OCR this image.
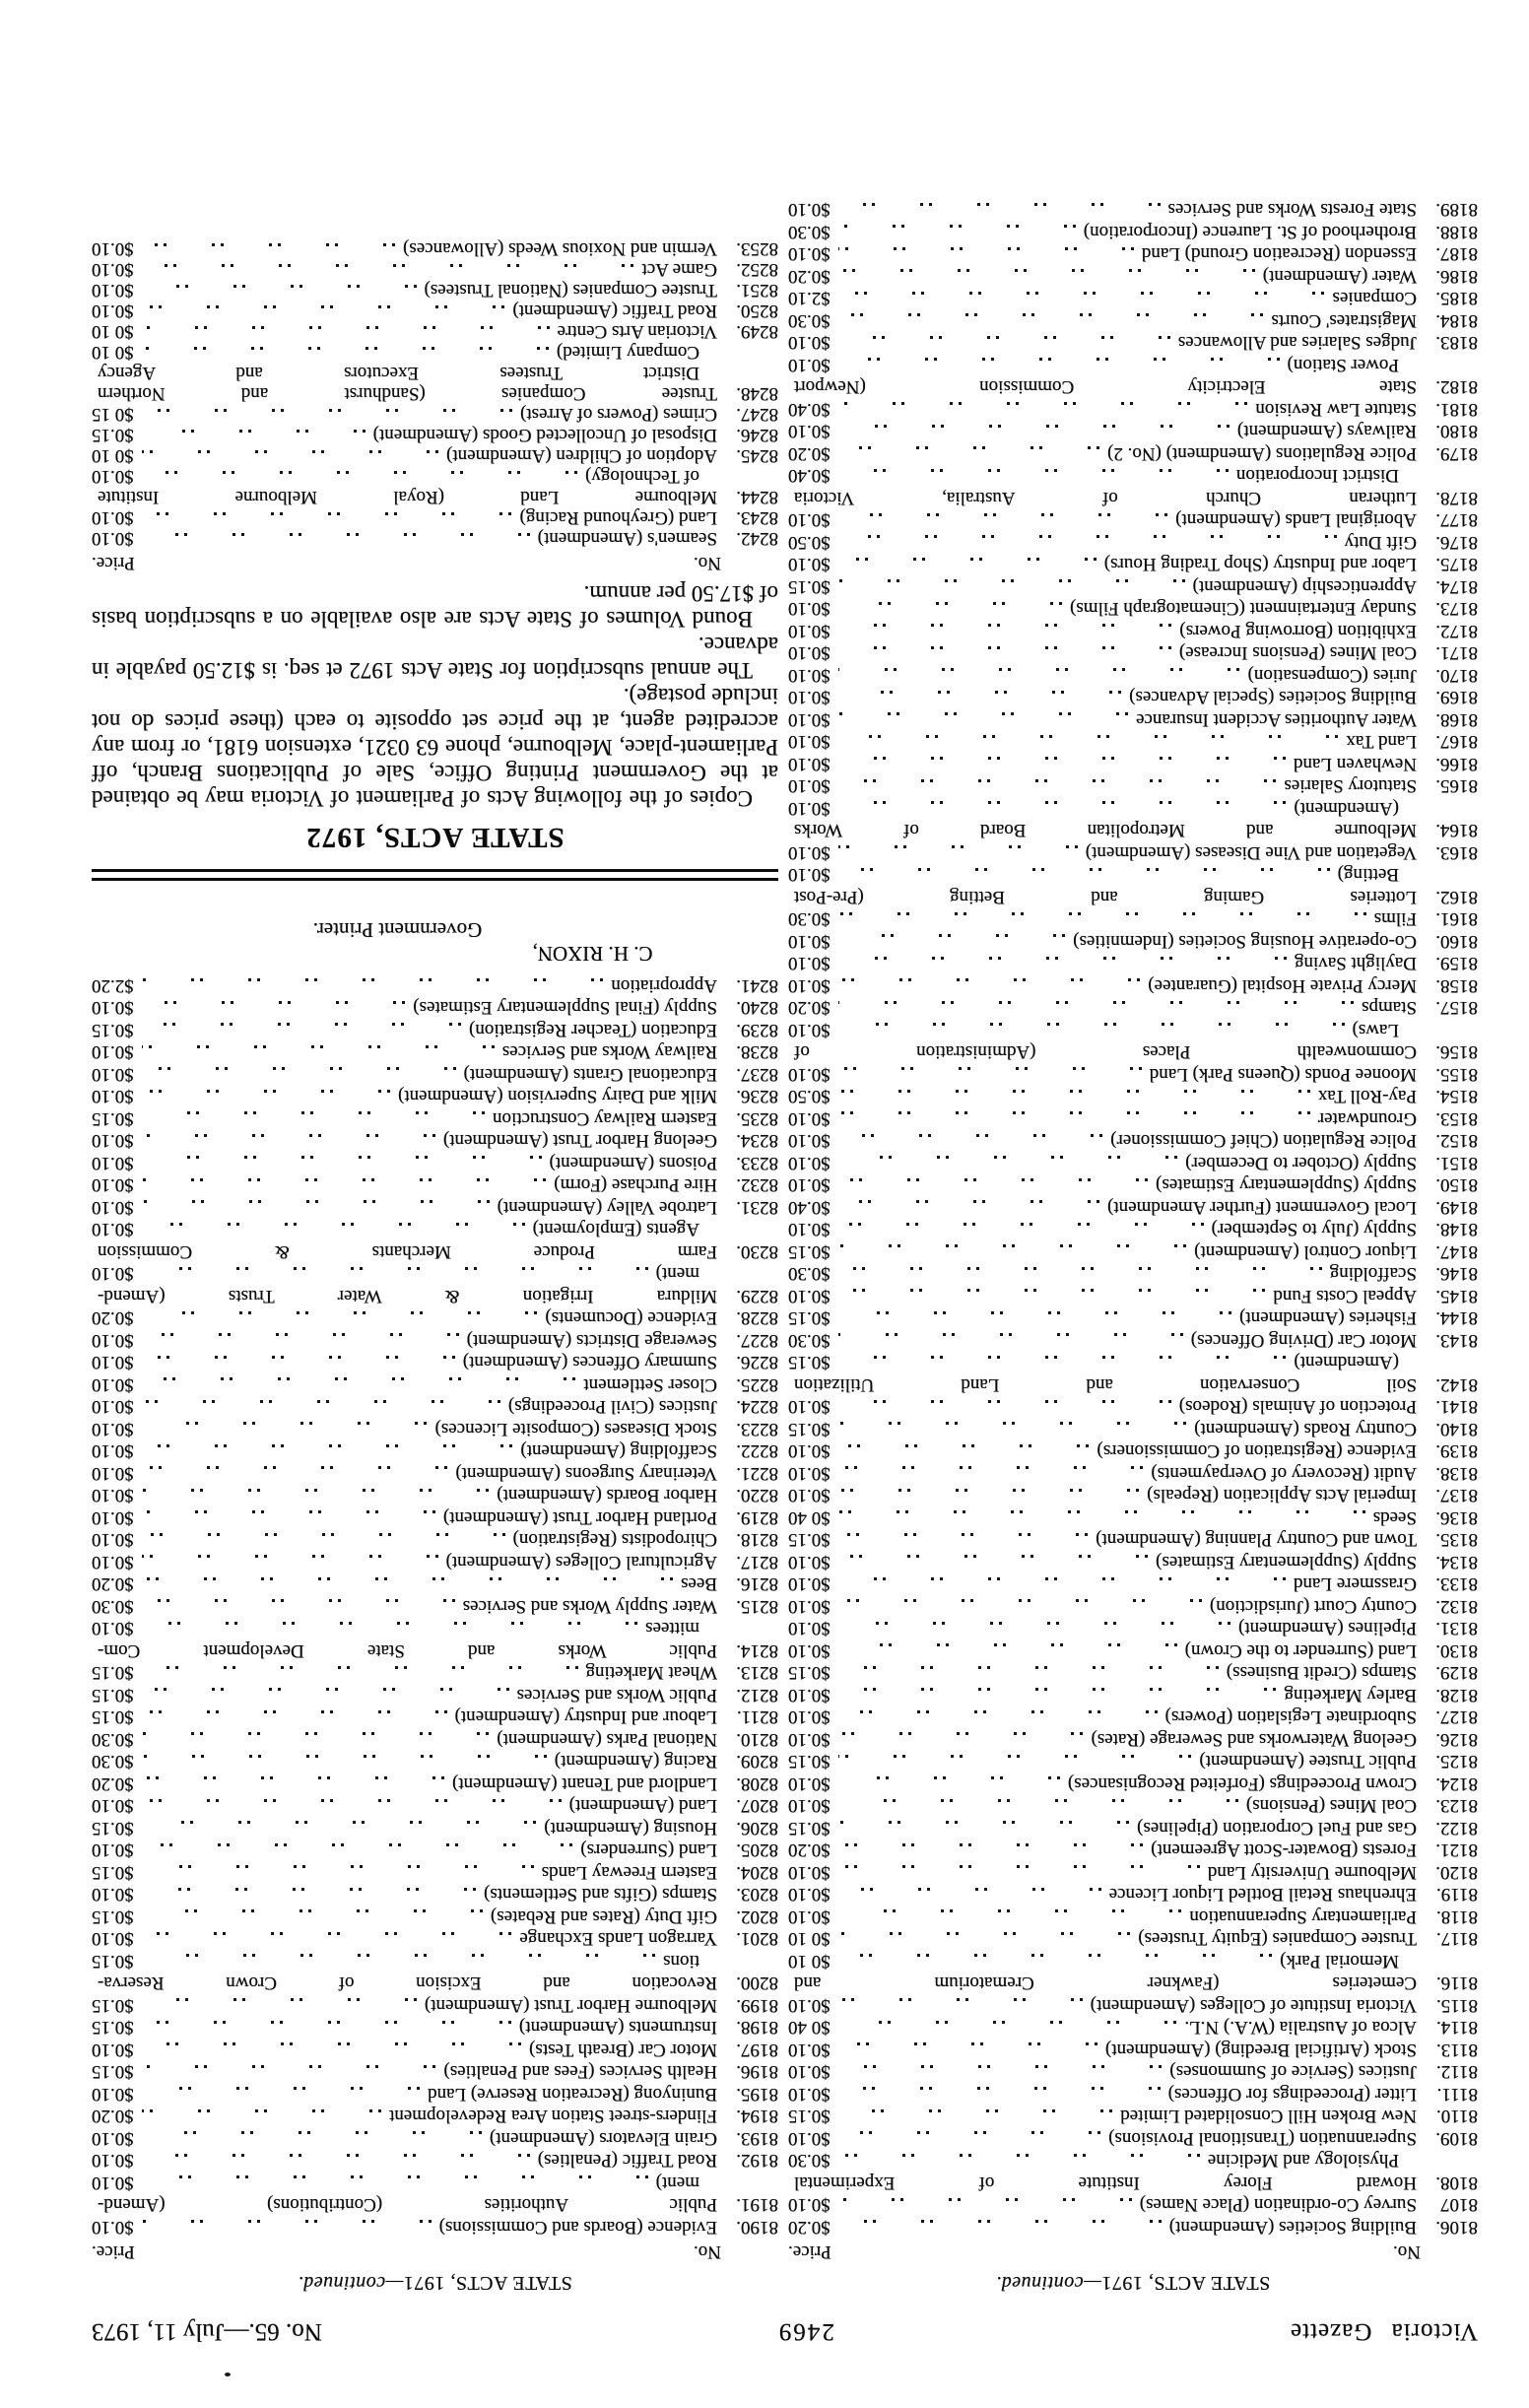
Victoria Gazette
2469
No. 65.—July 11, 1973
STATE ACTS, 1971—continued.
No.
Price.
8106.
Building Societies (Amendment)
$0.20
8107
Survey Co-ordination (Place Names)
$0.10
8108.
Howard Florey Institute of Experimental
Physiology and Medicine
$0.30
8109.
Superannuation (Transitional Provisions)
$0.10
8110.
New Broken Hill Consolidated Limited
$0.15
8111.
Litter (Proceedings for Offences)
$0.10
8112.
Justices (Service of Summonses)
$0.10
8113.
Stock (Artificial Breeding) (Amendment)
$0.10
8114.
Alcoa of Australia (W.A.) N.L.
$0 40
8115.
Victoria Institute of Colleges (Amendment)
$0.10
8116.
Cemeteries (Fawkner Crematorium and
Memorial Park)
$0 10
8117.
Trustee Companies (Equity Trustees)
$0 10
8118.
Parliamentary Superannuation
$0.10
8119.
Ehrenhaus Retail Bottled Liquor Licence
$0.10
8120.
Melbourne University Land
$0.10
8121.
Forests (Bowater-Scott Agreement)
$0.20
8122.
Gas and Fuel Corporation (Pipelines)
$0.15
8123.
Coal Mines (Pensions)
$0.10
8124.
Crown Proceedings (Forfeited Recognisances)
$0.10
8125.
Public Trustee (Amendment)
$0.15
8126.
Geelong Waterworks and Sewerage (Rates)
$0.10
8127.
Subordinate Legislation (Powers)
$0.10
8128.
Barley Marketing
$0.10
8129.
Stamps (Credit Business)
$0.15
8130.
Land (Surrender to the Crown)
$0.10
8131.
Pipelines (Amendment)
$0.10
8132.
County Court (Jurisdiction)
$0.10
8133.
Grassmere Land
$0.10
8134.
Supply (Supplementary Estimates)
$0.10
8135.
Town and Country Planning (Amendment)
$0.15
8136.
Seeds
$0 40
8137.
Imperial Acts Application (Repeals)
$0.10
8138.
Audit (Recovery of Overpayments)
$0.10
8139.
Evidence (Registration of Commissioners)
$0.10
8140.
Country Roads (Amendment)
$0.15
8141.
Protection of Animals (Rodeos)
$0.10
8142.
Soil Conservation and Land Utilization
(Amendment)
$0.15
8143.
Motor Car (Driving Offences)
$0.30
8144.
Fisheries (Amendment)
$0.15
8145.
Appeal Costs Fund
$0.10
8146.
Scaffolding
$0.30
8147.
Liquor Control (Amendment)
$0.15
8148.
Supply (July to September)
$0.10
8149.
Local Government (Further Amendment)
$0.40
8150.
Supply (Supplementary Estimates)
$0.10
8151.
Supply (October to December)
$0.10
8152.
Police Regulation (Chief Commissioner)
$0.10
8153.
Groundwater
$0.10
8154.
Pay-Roll Tax
$0.50
8155.
Moonee Ponds (Queens Park) Land
$0.10
8156.
Commonwealth Places (Administration of
Laws)
$0.10
8157.
Stamps
$0.20
8158.
Mercy Private Hospital (Guarantee)
$0.10
8159.
Daylight Saving
$0.10
8160.
Co-operative Housing Societies (Indemnities)
$0.10
8161.
Films
$0.30
8162.
Lotteries Gaming and Betting (Pre-Post
Betting)
$0.10
8163.
Vegetation and Vine Diseases (Amendment)
$0.10
8164.
Melbourne and Metropolitan Board of Works
(Amendment)
$0.10
8165.
Statutory Salaries
$0.10
8166.
Newhaven Land
$0.10
8167.
Land Tax
$0.10
8168.
Water Authorities Accident Insurance
$0.10
8169.
Building Societies (Special Advances)
$0.10
8170.
Juries (Compensation)
$0.10
8171.
Coal Mines (Pensions Increase)
$0.10
8172.
Exhibition (Borrowing Powers)
$0.10
8173.
Sunday Entertainment (Cinematograph Films)
$0.10
8174.
Apprenticeship (Amendment)
$0.15
8175.
Labor and Industry (Shop Trading Hours)
$0.10
8176.
Gift Duty
$0.50
8177.
Aboriginal Lands (Amendment)
$0.10
8178.
Lutheran Church of Australia, Victoria
District Incorporation
$0.40
8179.
Police Regulations (Amendment) (No. 2)
$0.20
8180.
Railways (Amendment)
$0.10
8181.
Statute Law Revision
$0.40
8182.
State Electricity Commission (Newport
Power Station)
$0.10
8183.
Judges Salaries and Allowances
$0.10
8184.
Magistrates' Courts
$0.30
8185.
Companies
$2.10
8186.
Water (Amendment)
$0.20
8187.
Essendon (Recreation Ground) Land
$0.10
8188.
Brotherhood of St. Laurence (Incorporation)
$0.30
8189.
State Forests Works and Services
$0.10
STATE ACTS, 1971—continued.
No.
Price.
8190.
Evidence (Boards and Commissions)
$0.10
8191.
Public Authorities (Contributions) (Amend-
ment)
$0.10
8192.
Road Traffic (Penalties)
$0.10
8193.
Grain Elevators (Amendment)
$0.10
8194.
Flinders-street Station Area Redevelopment
$0.20
8195.
Buninyong (Recreation Reserve) Land
$0.10
8196.
Health Services (Fees and Penalties)
$0.15
8197.
Motor Car (Breath Tests)
$0.10
8198.
Instruments (Amendment)
$0.15
8199.
Melbourne Harbor Trust (Amendment)
$0.15
8200.
Revocation and Excision of Crown Reserva-
tions
$0.15
8201.
Yarragon Lands Exchange
$0.10
8202.
Gift Duty (Rates and Rebates)
$0.15
8203.
Stamps (Gifts and Settlements)
$0.10
8204.
Eastern Freeway Lands
$0.15
8205.
Land (Surrenders)
$0.10
8206.
Housing (Amendment)
$0.15
8207.
Land (Amendment)
$0.10
8208.
Landlord and Tenant (Amendment)
$0.20
8209.
Racing (Amendment)
$0.30
8210.
National Parks (Amendment)
$0.30
8211.
Labour and Industry (Amendment)
$0.15
8212.
Public Works and Services
$0.15
8213.
Wheat Marketing
$0.15
8214.
Public Works and State Development Com-
mittees
$0.10
8215.
Water Supply Works and Services
$0.30
8216.
Bees
$0.20
8217.
Agricultural Colleges (Amendment)
$0.10
8218.
Chiropodists (Registration)
$0.10
8219.
Portland Harbor Trust (Amendment)
$0.10
8220.
Harbor Boards (Amendment)
$0.10
8221.
Veterinary Surgeons (Amendment)
$0.10
8222.
Scaffolding (Amendment)
$0.10
8223.
Stock Diseases (Composite Licences)
$0.10
8224.
Justices (Civil Proceedings)
$0.10
8225.
Closer Settlement
$0.10
8226.
Summary Offences (Amendment)
$0.10
8227.
Sewerage Districts (Amendment)
$0.10
8228.
Evidence (Documents)
$0.20
8229.
Mildura Irrigation & Water Trusts (Amend-
ment)
$0.10
8230.
Farm Produce Merchants & Commission
Agents (Employment)
$0.10
8231.
Latrobe Valley (Amendment)
$0.10
8232.
Hire Purchase (Form)
$0.10
8233.
Poisons (Amendment)
$0.10
8234.
Geelong Harbor Trust (Amendment)
$0.10
8235.
Eastern Railway Construction
$0.15
8236.
Milk and Dairy Supervision (Amendment)
$0.10
8237.
Educational Grants (Amendment)
$0.10
8238.
Railway Works and Services
$0.10
8239.
Education (Teacher Registration)
$0.15
8240.
Supply (Final Supplementary Estimates)
$0.10
8241.
Appropriation
$2.20
C. H. RIXON,
Government Printer.
STATE ACTS, 1972

Copies of the following Acts of Parliament of Victoria may be obtained at the Government Printing Office, Sale of Publications Branch, off Parliament-place, Melbourne, phone 63 0321, extension 6181, or from any accredited agent, at the price set opposite to each (these prices do not include postage).

The annual subscription for State Acts 1972 et seq. is $12.50 payable in advance.

Bound Volumes of State Acts are also available on a subscription basis of $17.50 per annum.

No.
Price.
8242.
Seamen's (Amendment)
$0.10
8243.
Land (Greyhound Racing)
$0.10
8244.
Melbourne Land (Royal Melbourne Institute
of Technology)
$0.10
8245.
Adoption of Children (Amendment)
$0 10
8246.
Disposal of Uncollected Goods (Amendment)
$0.15
8247.
Crimes (Powers of Arrest)
$0 15
8248.
Trustee Companies (Sandhurst and Northern
District Trustees Executors and Agency
Company Limited)
$0 10
8249.
Victorian Arts Centre
$0 10
8250.
Road Traffic (Amendment)
$0.10
8251.
Trustee Companies (National Trustees)
$0.10
8252.
Game Act
$0.10
8253.
Vermin and Noxious Weeds (Allowances)
$0.10
